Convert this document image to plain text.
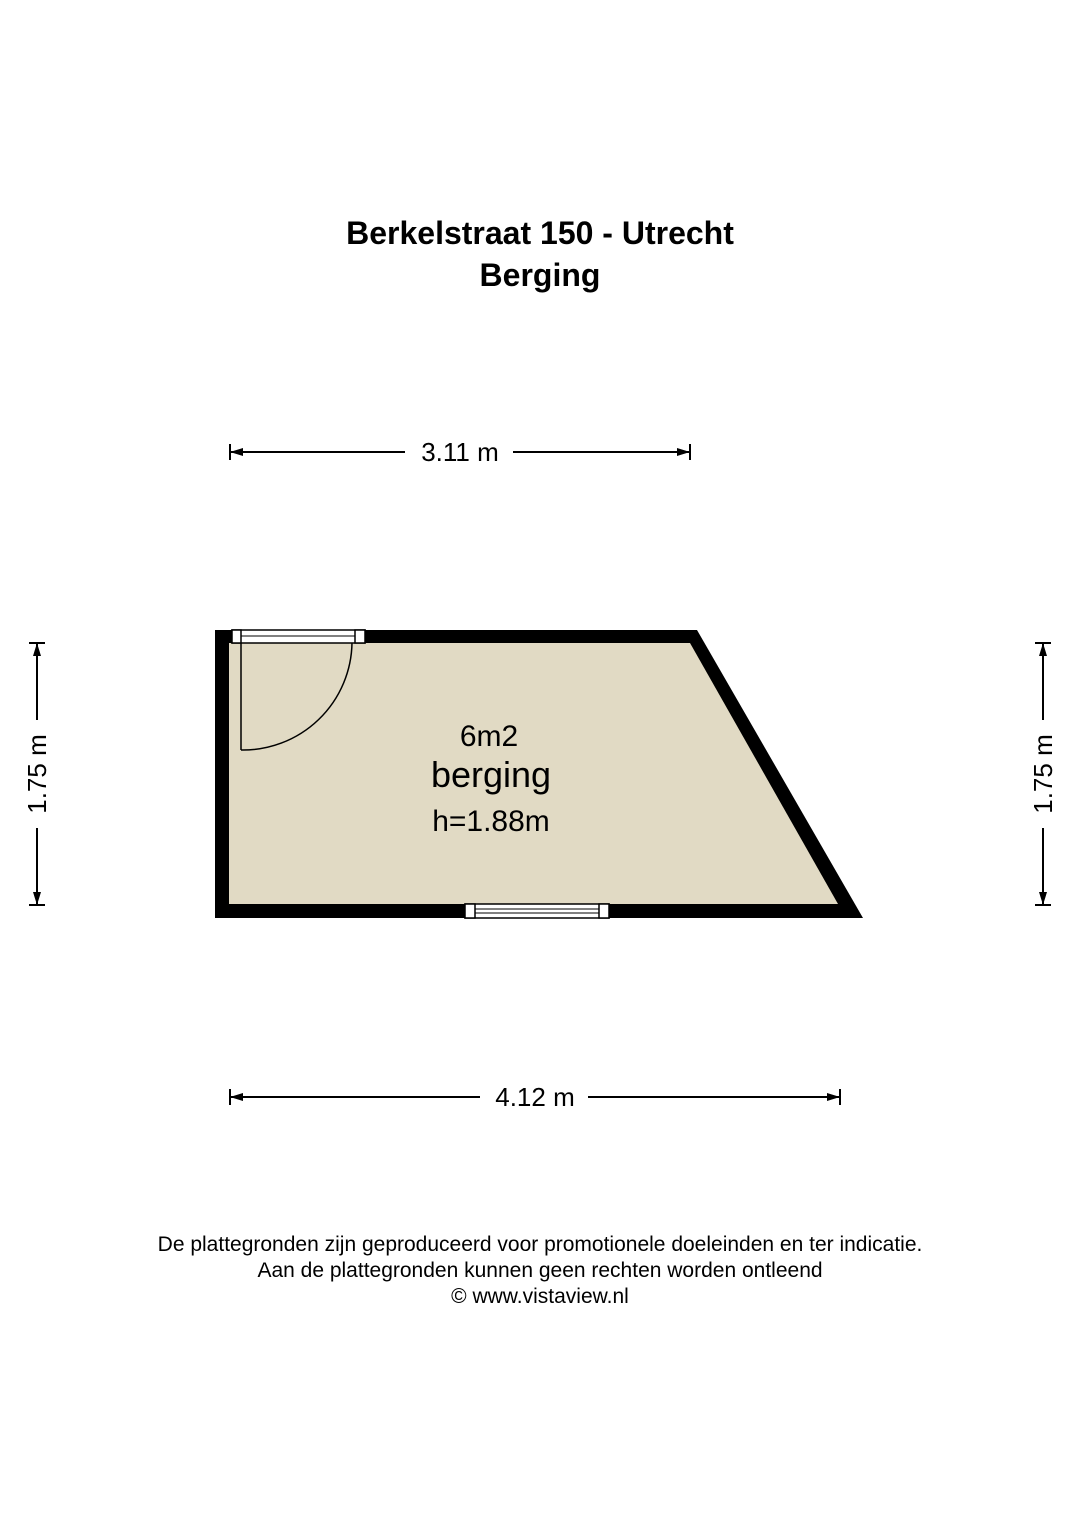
Berkelstraat 150 - Utrecht
Berging
3.11 m
4.12 m
1.75 m	1.75 m
6m2
berging
h=1.88m
De plattegronden zijn geproduceerd voor promotionele doeleinden en ter indicatie.
Aan de plattegronden kunnen geen rechten worden ontleend
© www.vistaview.nl
